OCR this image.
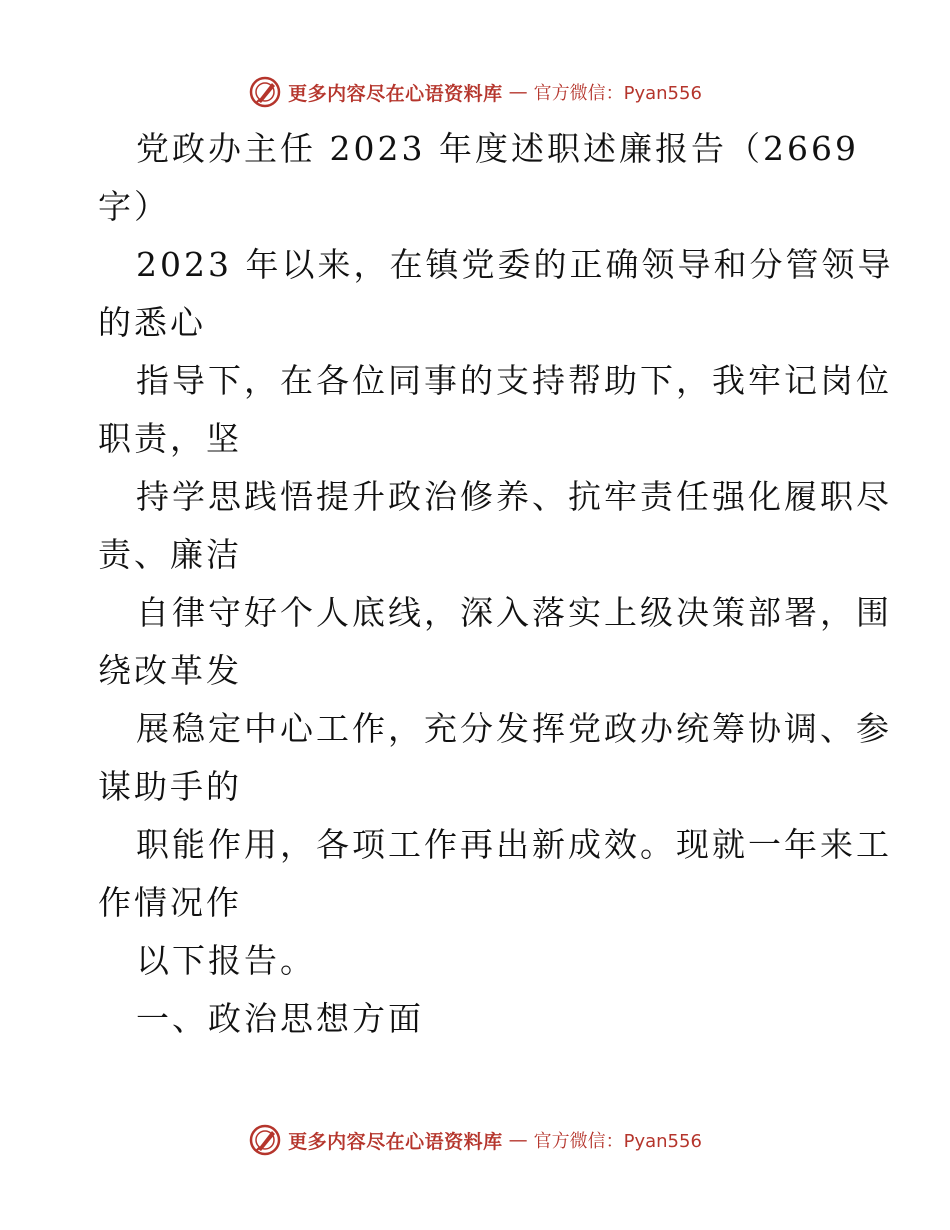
更多内容尽在心语资料库 — 官方微信：Pyan556
党政办主任 2023 年度述职述廉报告（2669
字）
2023 年以来，在镇党委的正确领导和分管领导
的悉心
指导下，在各位同事的支持帮助下，我牢记岗位
职责，坚
持学思践悟提升政治修养、抗牢责任强化履职尽
责、廉洁
自律守好个人底线，深入落实上级决策部署，围
绕改革发
展稳定中心工作，充分发挥党政办统筹协调、参
谋助手的
职能作用，各项工作再出新成效。现就一年来工
作情况作
以下报告。
一、政治思想方面
更多内容尽在心语资料库 — 官方微信：Pyan556
